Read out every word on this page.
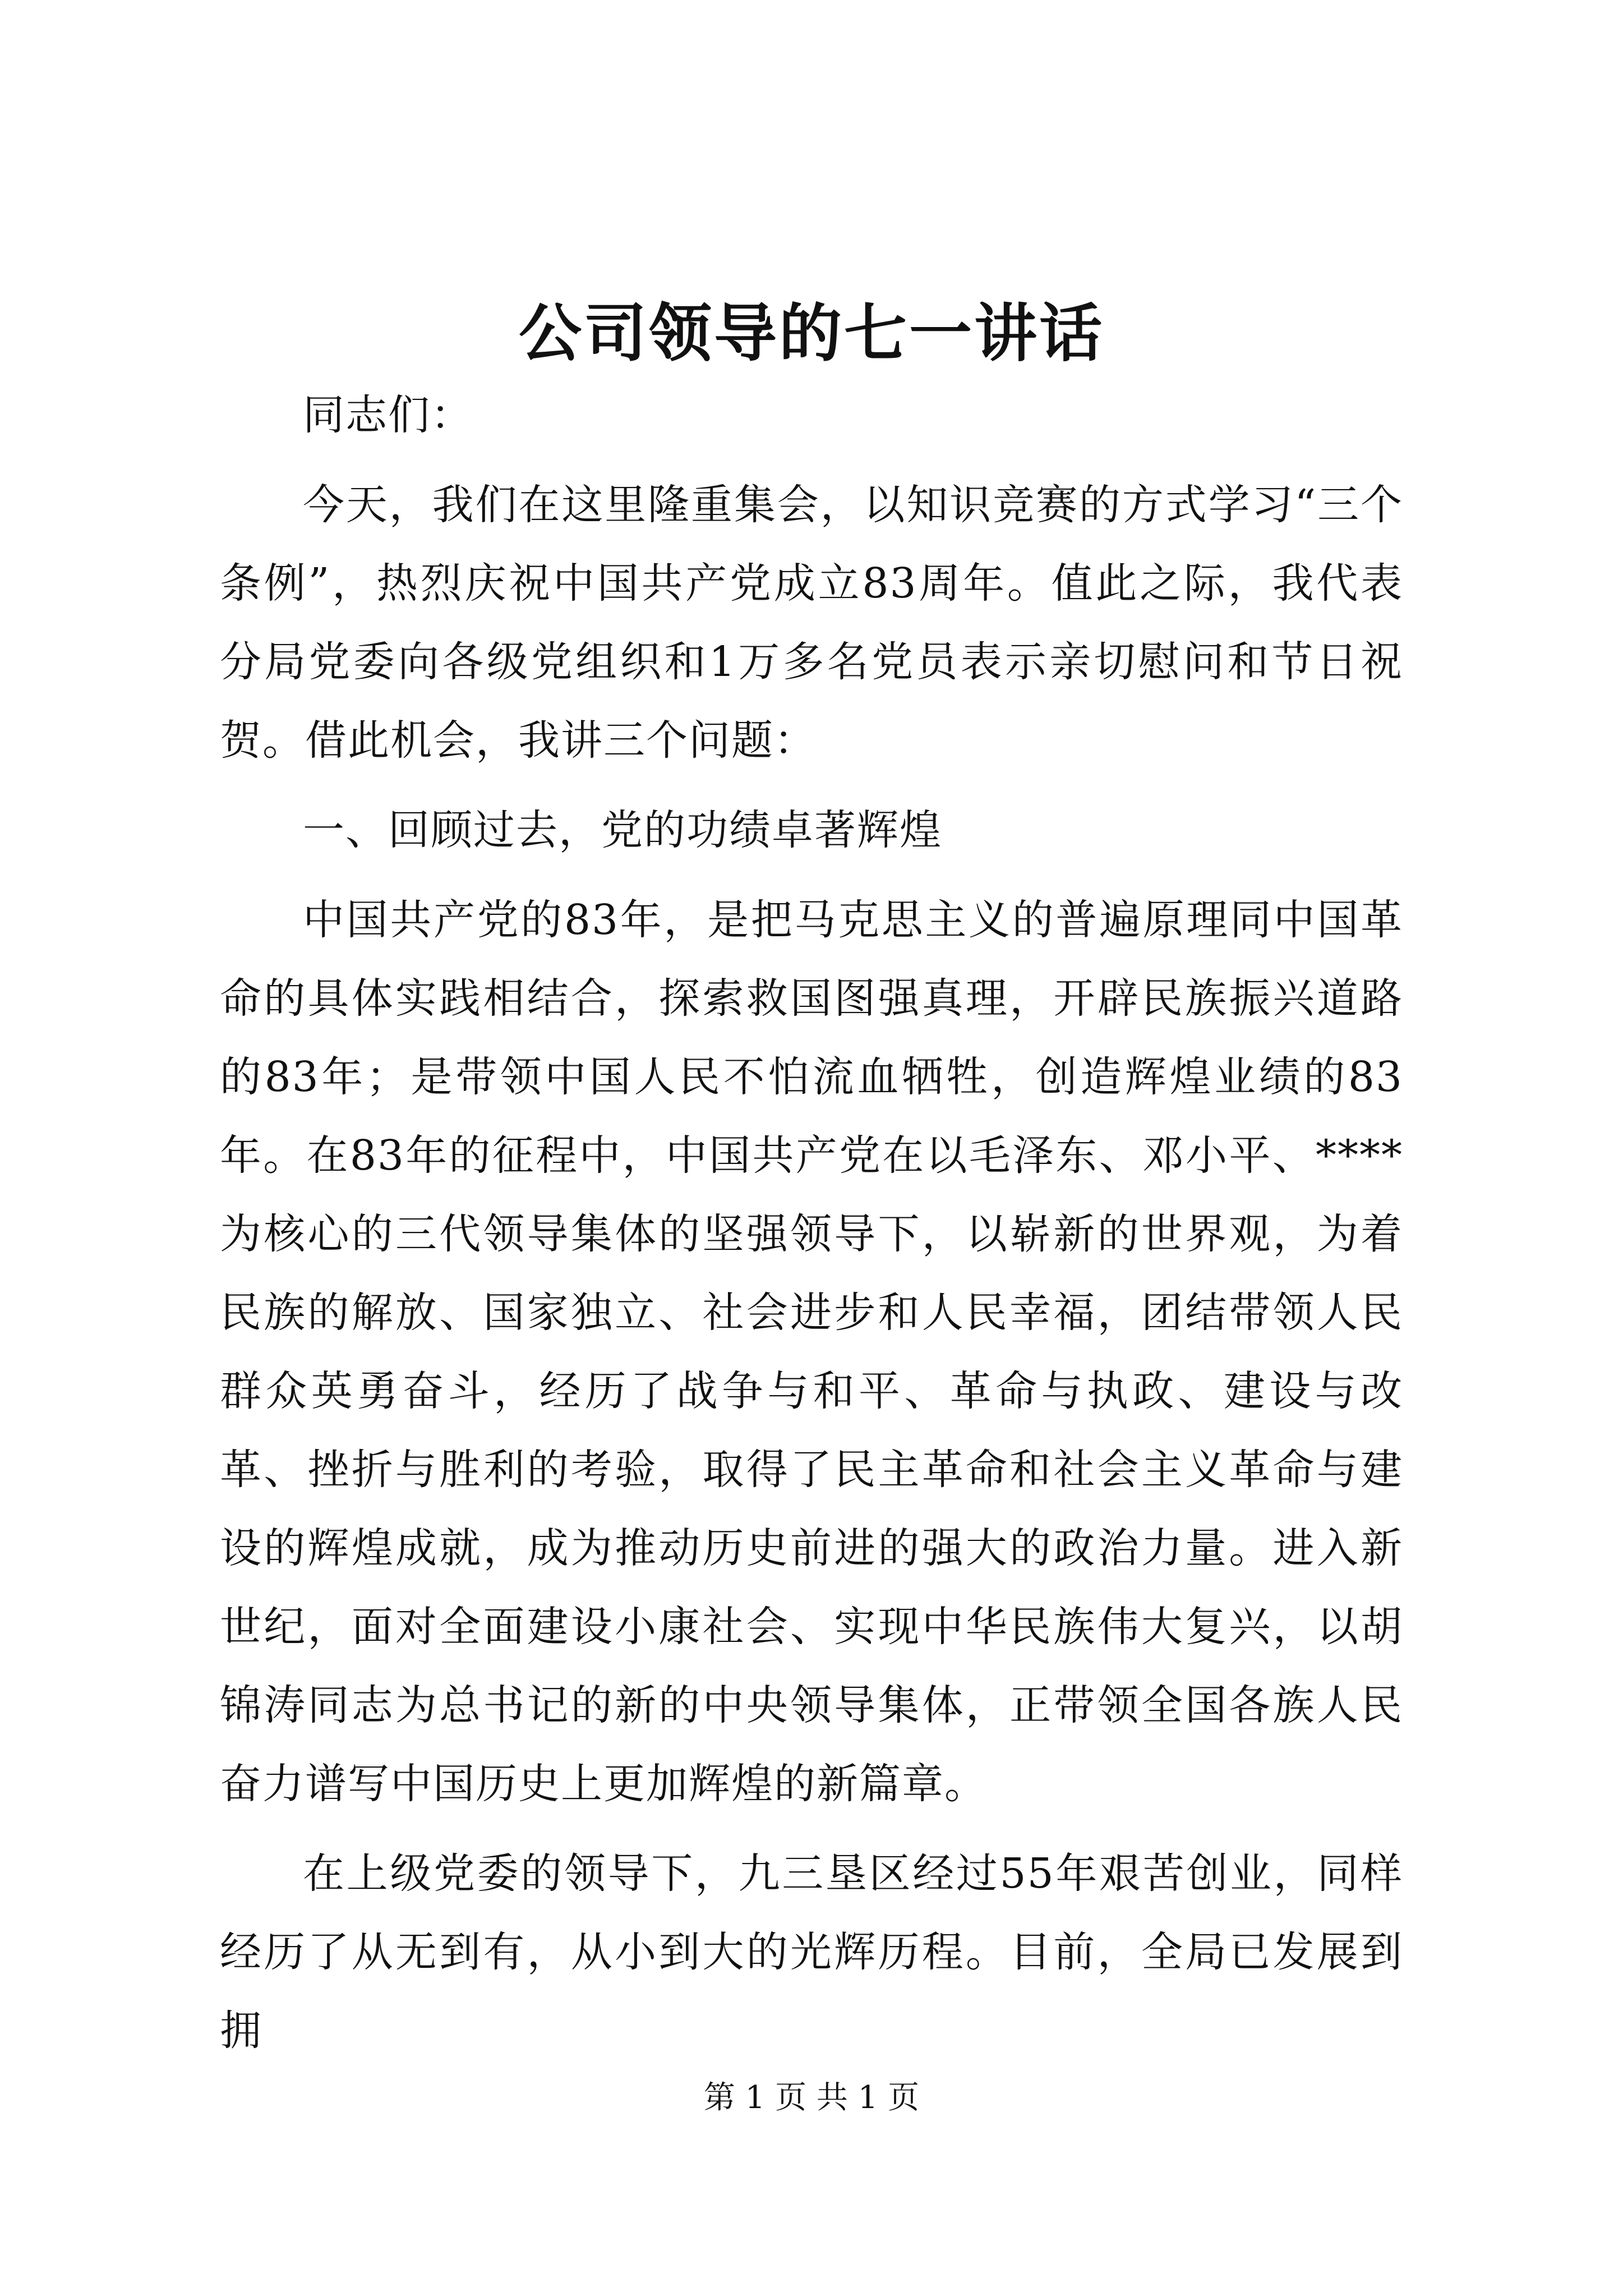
公司领导的七一讲话

同志们：

今天，我们在这里隆重集会，以知识竞赛的方式学习“三个条例”，热烈庆祝中国共产党成立83周年。值此之际，我代表分局党委向各级党组织和1万多名党员表示亲切慰问和节日祝贺。借此机会，我讲三个问题：

一、回顾过去，党的功绩卓著辉煌

中国共产党的83年，是把马克思主义的普遍原理同中国革命的具体实践相结合，探索救国图强真理，开辟民族振兴道路的83年；是带领中国人民不怕流血牺牲，创造辉煌业绩的83年。在83年的征程中，中国共产党在以毛泽东、邓小平、****为核心的三代领导集体的坚强领导下，以崭新的世界观，为着民族的解放、国家独立、社会进步和人民幸福，团结带领人民群众英勇奋斗，经历了战争与和平、革命与执政、建设与改革、挫折与胜利的考验，取得了民主革命和社会主义革命与建设的辉煌成就，成为推动历史前进的强大的政治力量。进入新世纪，面对全面建设小康社会、实现中华民族伟大复兴，以胡锦涛同志为总书记的新的中央领导集体，正带领全国各族人民奋力谱写中国历史上更加辉煌的新篇章。

在上级党委的领导下，九三垦区经过55年艰苦创业，同样经历了从无到有，从小到大的光辉历程。目前，全局已发展到拥

第 1 页 共 1 页
